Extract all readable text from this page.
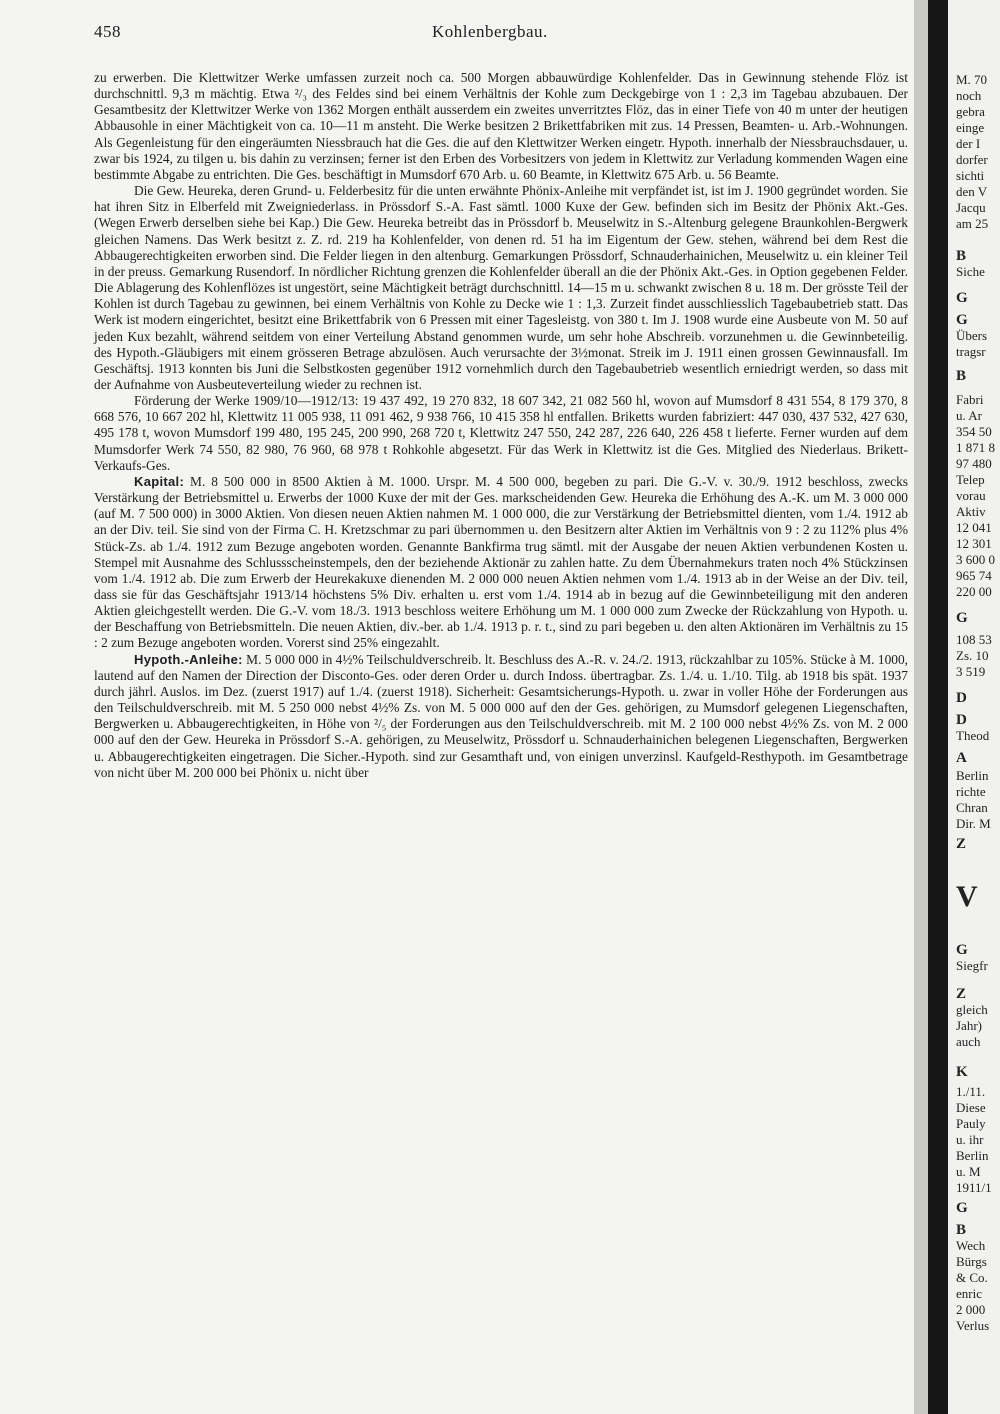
458	Kohlenbergbau.

zu erwerben. Die Klettwitzer Werke umfassen zurzeit noch ca. 500 Morgen abbauwürdige Kohlenfelder. Das in Gewinnung stehende Flöz ist durchschnittl. 9,3 m mächtig. Etwa ²/₃ des Feldes sind bei einem Verhältnis der Kohle zum Deckgebirge von 1 : 2,3 im Tagebau abzubauen. Der Gesamtbesitz der Klettwitzer Werke von 1362 Morgen enthält ausserdem ein zweites unverritztes Flöz, das in einer Tiefe von 40 m unter der heutigen Abbausohle in einer Mächtigkeit von ca. 10—11 m ansteht. Die Werke besitzen 2 Brikettfabriken mit zus. 14 Pressen, Beamten- u. Arb.-Wohnungen. Als Gegenleistung für den eingeräumten Niessbrauch hat die Ges. die auf den Klettwitzer Werken eingetr. Hypoth. innerhalb der Niessbrauchsdauer, u. zwar bis 1924, zu tilgen u. bis dahin zu verzinsen; ferner ist den Erben des Vorbesitzers von jedem in Klettwitz zur Verladung kommenden Wagen eine bestimmte Abgabe zu entrichten. Die Ges. beschäftigt in Mumsdorf 670 Arb. u. 60 Beamte, in Klettwitz 675 Arb. u. 56 Beamte.

Die Gew. Heureka, deren Grund- u. Felderbesitz für die unten erwähnte Phönix-Anleihe mit verpfändet ist, ist im J. 1900 gegründet worden. Sie hat ihren Sitz in Elberfeld mit Zweigniederlass. in Prössdorf S.-A. Fast sämtl. 1000 Kuxe der Gew. befinden sich im Besitz der Phönix Akt.-Ges. (Wegen Erwerb derselben siehe bei Kap.) Die Gew. Heureka betreibt das in Prössdorf b. Meuselwitz in S.-Altenburg gelegene Braunkohlen-Bergwerk gleichen Namens. Das Werk besitzt z. Z. rd. 219 ha Kohlenfelder, von denen rd. 51 ha im Eigentum der Gew. stehen, während bei dem Rest die Abbaugerechtigkeiten erworben sind. Die Felder liegen in den altenburg. Gemarkungen Prössdorf, Schnauderhainichen, Meuselwitz u. ein kleiner Teil in der preuss. Gemarkung Rusendorf. In nördlicher Richtung grenzen die Kohlenfelder überall an die der Phönix Akt.-Ges. in Option gegebenen Felder. Die Ablagerung des Kohlenflözes ist ungestört, seine Mächtigkeit beträgt durchschnittl. 14—15 m u. schwankt zwischen 8 u. 18 m. Der grösste Teil der Kohlen ist durch Tagebau zu gewinnen, bei einem Verhältnis von Kohle zu Decke wie 1 : 1,3. Zurzeit findet ausschliesslich Tagebaubetrieb statt. Das Werk ist modern eingerichtet, besitzt eine Brikettfabrik von 6 Pressen mit einer Tagesleistg. von 380 t. Im J. 1908 wurde eine Ausbeute von M. 50 auf jeden Kux bezahlt, während seitdem von einer Verteilung Abstand genommen wurde, um sehr hohe Abschreib. vorzunehmen u. die Gewinnbeteilig. des Hypoth.-Gläubigers mit einem grösseren Betrage abzulösen. Auch verursachte der 3½monat. Streik im J. 1911 einen grossen Gewinnausfall. Im Geschäftsj. 1913 konnten bis Juni die Selbstkosten gegenüber 1912 vornehmlich durch den Tagebaubetrieb wesentlich erniedrigt werden, so dass mit der Aufnahme von Ausbeuteverteilung wieder zu rechnen ist.

Förderung der Werke 1909/10—1912/13: 19 437 492, 19 270 832, 18 607 342, 21 082 560 hl, wovon auf Mumsdorf 8 431 554, 8 179 370, 8 668 576, 10 667 202 hl, Klettwitz 11 005 938, 11 091 462, 9 938 766, 10 415 358 hl entfallen. Briketts wurden fabriziert: 447 030, 437 532, 427 630, 495 178 t, wovon Mumsdorf 199 480, 195 245, 200 990, 268 720 t, Klettwitz 247 550, 242 287, 226 640, 226 458 t lieferte. Ferner wurden auf dem Mumsdorfer Werk 74 550, 82 980, 76 960, 68 978 t Rohkohle abgesetzt. Für das Werk in Klettwitz ist die Ges. Mitglied des Niederlaus. Brikett-Verkaufs-Ges.

Kapital: M. 8 500 000 in 8500 Aktien à M. 1000. Urspr. M. 4 500 000, begeben zu pari. Die G.-V. v. 30./9. 1912 beschloss, zwecks Verstärkung der Betriebsmittel u. Erwerbs der 1000 Kuxe der mit der Ges. markscheidenden Gew. Heureka die Erhöhung des A.-K. um M. 3 000 000 (auf M. 7 500 000) in 3000 Aktien. Von diesen neuen Aktien nahmen M. 1 000 000, die zur Verstärkung der Betriebsmittel dienten, vom 1./4. 1912 ab an der Div. teil. Sie sind von der Firma C. H. Kretzschmar zu pari übernommen u. den Besitzern alter Aktien im Verhältnis von 9 : 2 zu 112% plus 4% Stück-Zs. ab 1./4. 1912 zum Bezuge angeboten worden. Genannte Bankfirma trug sämtl. mit der Ausgabe der neuen Aktien verbundenen Kosten u. Stempel mit Ausnahme des Schlussscheinstempels, den der beziehende Aktionär zu zahlen hatte. Zu dem Übernahmekurs traten noch 4% Stückzinsen vom 1./4. 1912 ab. Die zum Erwerb der Heurekakuxe dienenden M. 2 000 000 neuen Aktien nehmen vom 1./4. 1913 ab in der Weise an der Div. teil, dass sie für das Geschäftsjahr 1913/14 höchstens 5% Div. erhalten u. erst vom 1./4. 1914 ab in bezug auf die Gewinnbeteiligung mit den anderen Aktien gleichgestellt werden. Die G.-V. vom 18./3. 1913 beschloss weitere Erhöhung um M. 1 000 000 zum Zwecke der Rückzahlung von Hypoth. u. der Beschaffung von Betriebsmitteln. Die neuen Aktien, div.-ber. ab 1./4. 1913 p. r. t., sind zu pari begeben u. den alten Aktionären im Verhältnis zu 15 : 2 zum Bezuge angeboten worden. Vorerst sind 25% eingezahlt.

Hypoth.-Anleihe: M. 5 000 000 in 4½% Teilschuldverschreib. lt. Beschluss des A.-R. v. 24./2. 1913, rückzahlbar zu 105%. Stücke à M. 1000, lautend auf den Namen der Direction der Disconto-Ges. oder deren Order u. durch Indoss. übertragbar. Zs. 1./4. u. 1./10. Tilg. ab 1918 bis spät. 1937 durch jährl. Auslos. im Dez. (zuerst 1917) auf 1./4. (zuerst 1918). Sicherheit: Gesamtsicherungs-Hypoth. u. zwar in voller Höhe der Forderungen aus den Teilschuldverschreib. mit M. 5 250 000 nebst 4½% Zs. von M. 5 000 000 auf den der Ges. gehörigen, zu Mumsdorf gelegenen Liegenschaften, Bergwerken u. Abbaugerechtigkeiten, in Höhe von ²/₅ der Forderungen aus den Teilschuldverschreib. mit M. 2 100 000 nebst 4½% Zs. von M. 2 000 000 auf den der Gew. Heureka in Prössdorf S.-A. gehörigen, zu Meuselwitz, Prössdorf u. Schnauderhainichen belegenen Liegenschaften, Bergwerken u. Abbaugerechtigkeiten eingetragen. Die Sicher.-Hypoth. sind zur Gesamthaft und, von einigen unverzinsl. Kaufgeld-Resthypoth. im Gesamtbetrage von nicht über M. 200 000 bei Phönix u. nicht über

M. 70
noch
gebra
einge
der I
dorfer
sichti
den V
Jacqu
am 25
B
Siche
G
G
Übers
tragsr
B
Fabri
u. Ar
354 50
1 871 8
97 480
Telep
vorau
Aktiv
12 041
12 301
3 600 0
965 74
220 00
G
108 53
Zs. 10
3 519
D
D
Theod
A
Berlin
richte
Chran
Dir. M
Z
V
G
Siegfr
Z
gleich
Jahr)
auch
K
1./11.
Diese
Pauly
u. ihr
Berlin
u. M
1911/1
G
B
Wech
Bürgs
& Co.
enric
2 000
Verlus
